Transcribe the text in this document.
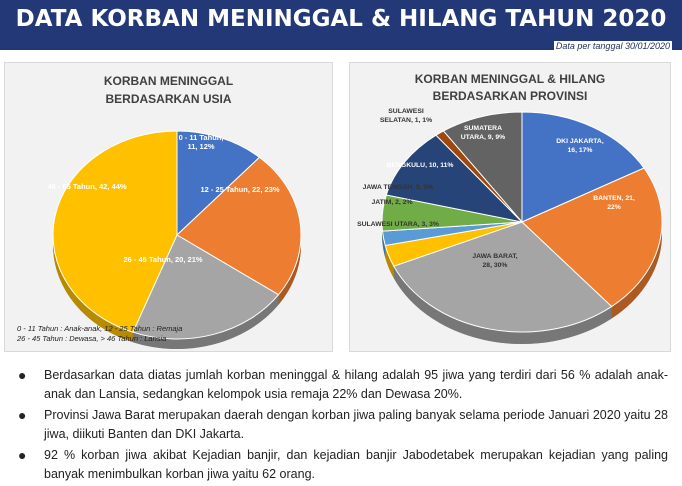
DATA KORBAN MENINGGAL & HILANG TAHUN 2020
Data per tanggal 30/01/2020
KORBAN MENINGGAL
BERDASARKAN USIA
0 - 11 Tahun, 11, 12%
12 - 25 Tahun, 22, 23%
26 - 45 Tahun, 20, 21%
46 - 65 Tahun, 42, 44%
0 - 11 Tahun : Anak-anak, 12 - 25 Tahun : Remaja
26 - 45 Tahun : Dewasa, > 46 Tahun : Lansia
KORBAN MENINGGAL & HILANG
BERDASARKAN PROVINSI
DKI JAKARTA, 16, 17%
BANTEN, 21, 22%
JAWA BARAT, 28, 30%
SULAWESI UTARA, 3, 3%
JATIM, 2, 2%
JAWA TENGAH, 5, 5%
BENGKULU, 10, 11%
SULAWESI SELATAN, 1, 1%
SUMATERA UTARA, 9, 9%
● Berdasarkan data diatas jumlah korban meninggal & hilang adalah 95 jiwa yang terdiri dari 56 % adalah anak-anak dan Lansia, sedangkan kelompok usia remaja 22% dan Dewasa 20%.
● Provinsi Jawa Barat merupakan daerah dengan korban jiwa paling banyak selama periode Januari 2020 yaitu 28 jiwa, diikuti Banten dan DKI Jakarta.
● 92 % korban jiwa akibat Kejadian banjir, dan kejadian banjir Jabodetabek merupakan kejadian yang paling banyak menimbulkan korban jiwa yaitu 62 orang.
